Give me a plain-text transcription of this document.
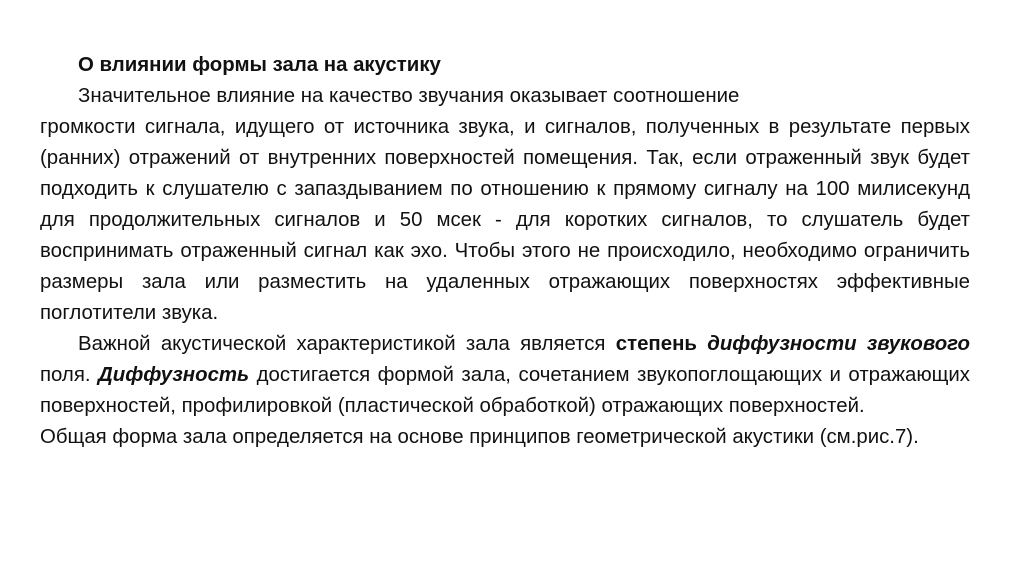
О влиянии формы зала на акустику

Значительное влияние на качество звучания оказывает соотношение

громкости сигнала, идущего от источника звука, и сигналов, полученных в результате первых (ранних) отражений от внутренних поверхностей помещения. Так, если отраженный звук будет подходить к слушателю с запаздыванием по отношению к прямому сигналу на 100 милисекунд для продолжительных сигналов и 50 мсек - для коротких сигналов, то слушатель будет воспринимать отраженный сигнал как эхо. Чтобы этого не происходило, необходимо ограничить размеры зала или разместить на удаленных отражающих поверхностях эффективные поглотители звука.

Важной акустической характеристикой зала является степень диффузности звукового поля. Диффузность достигается формой зала, сочетанием звукопоглощающих и отражающих поверхностей, профилировкой (пластической обработкой) отражающих поверхностей.

Общая форма зала определяется на основе принципов геометрической акустики (см.рис.7).
